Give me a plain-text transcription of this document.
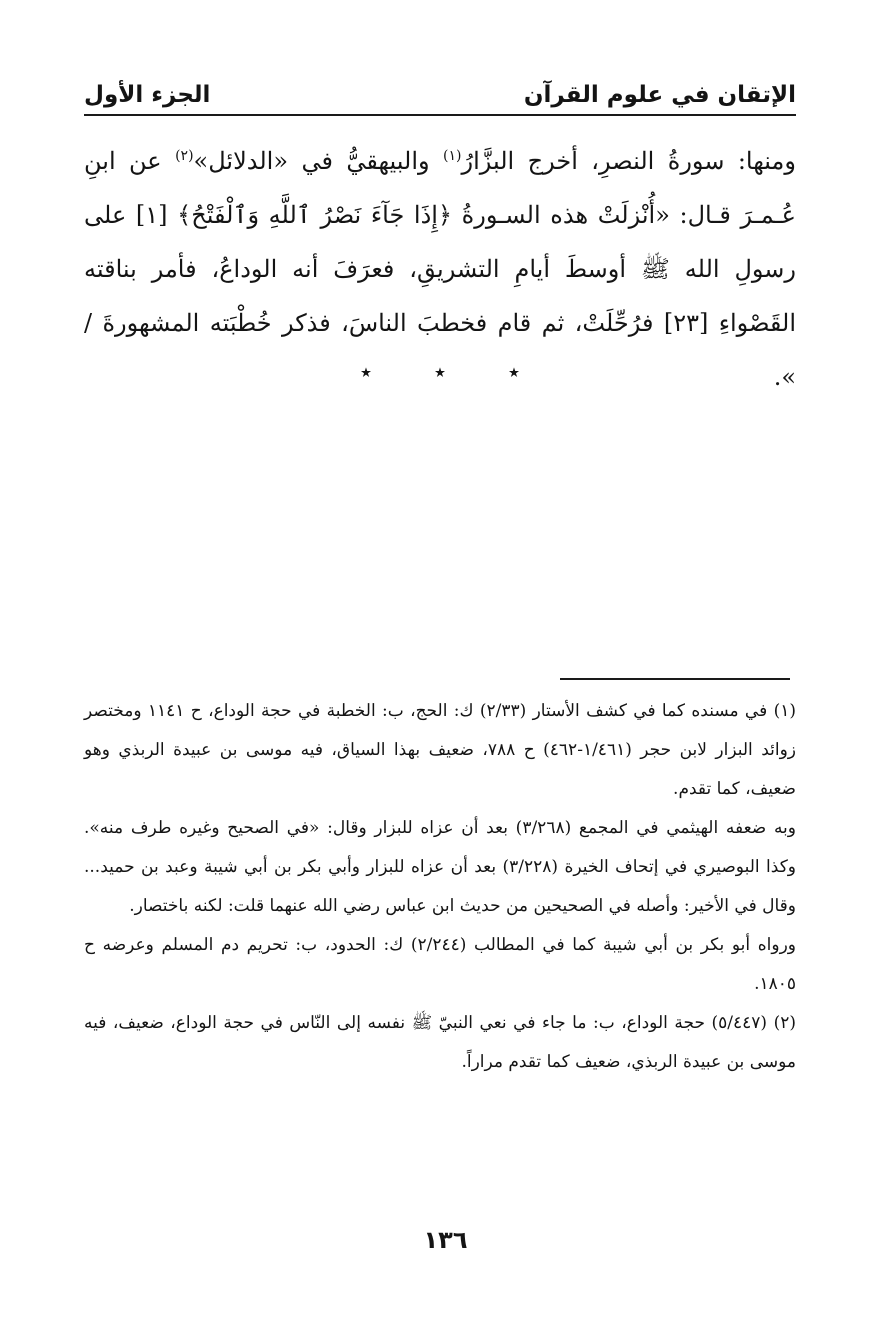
الجزء الأول	الإتقان في علوم القرآن

ومنها: سورةُ النصرِ، أخرج البزَّارُ$^{(١)}$ والبيهقيُّ في «الدلائل»$^{(٢)}$ عن ابنِ عُـمـرَ قـال: «أُنْزلَتْ هذه السـورةُ ﴿إِذَا جَآءَ نَصْرُ ٱللَّهِ وَٱلْفَتْحُ﴾ [١] على رسولِ الله ﷺ أوسطَ أيامِ التشريقِ، فعرَفَ أنه الوداعُ، فأمر بناقته القَصْواءِ [٢٣] فرُحِّلَتْ، ثم قام فخطبَ الناسَ، فذكر خُطْبَته المشهورةَ / ».

٭	٭	٭

(١) في مسنده كما في كشف الأستار (٢/٣٣) ك: الحج، ب: الخطبة في حجة الوداع، ح ١١٤١ ومختصر زوائد البزار لابن حجر (١/٤٦١-٤٦٢) ح ٧٨٨، ضعيف بهذا السياق، فيه موسى بن عبيدة الربذي وهو ضعيف، كما تقدم.

وبه ضعفه الهيثمي في المجمع (٣/٢٦٨) بعد أن عزاه للبزار وقال: «في الصحيح وغيره طرف منه». وكذا البوصيري في إتحاف الخيرة (٣/٢٢٨) بعد أن عزاه للبزار وأبي بكر بن أبي شيبة وعبد بن حميد... وقال في الأخير: وأصله في الصحيحين من حديث ابن عباس رضي الله عنهما قلت: لكنه باختصار.

ورواه أبو بكر بن أبي شيبة كما في المطالب (٢/٢٤٤) ك: الحدود، ب: تحريم دم المسلم وعرضه ح ١٨٠٥.

(٢) (٥/٤٤٧) حجة الوداع، ب: ما جاء في نعي النبيّ ﷺ نفسه إلى النّاس في حجة الوداع، ضعيف، فيه موسى بن عبيدة الربذي، ضعيف كما تقدم مراراً.

١٣٦
